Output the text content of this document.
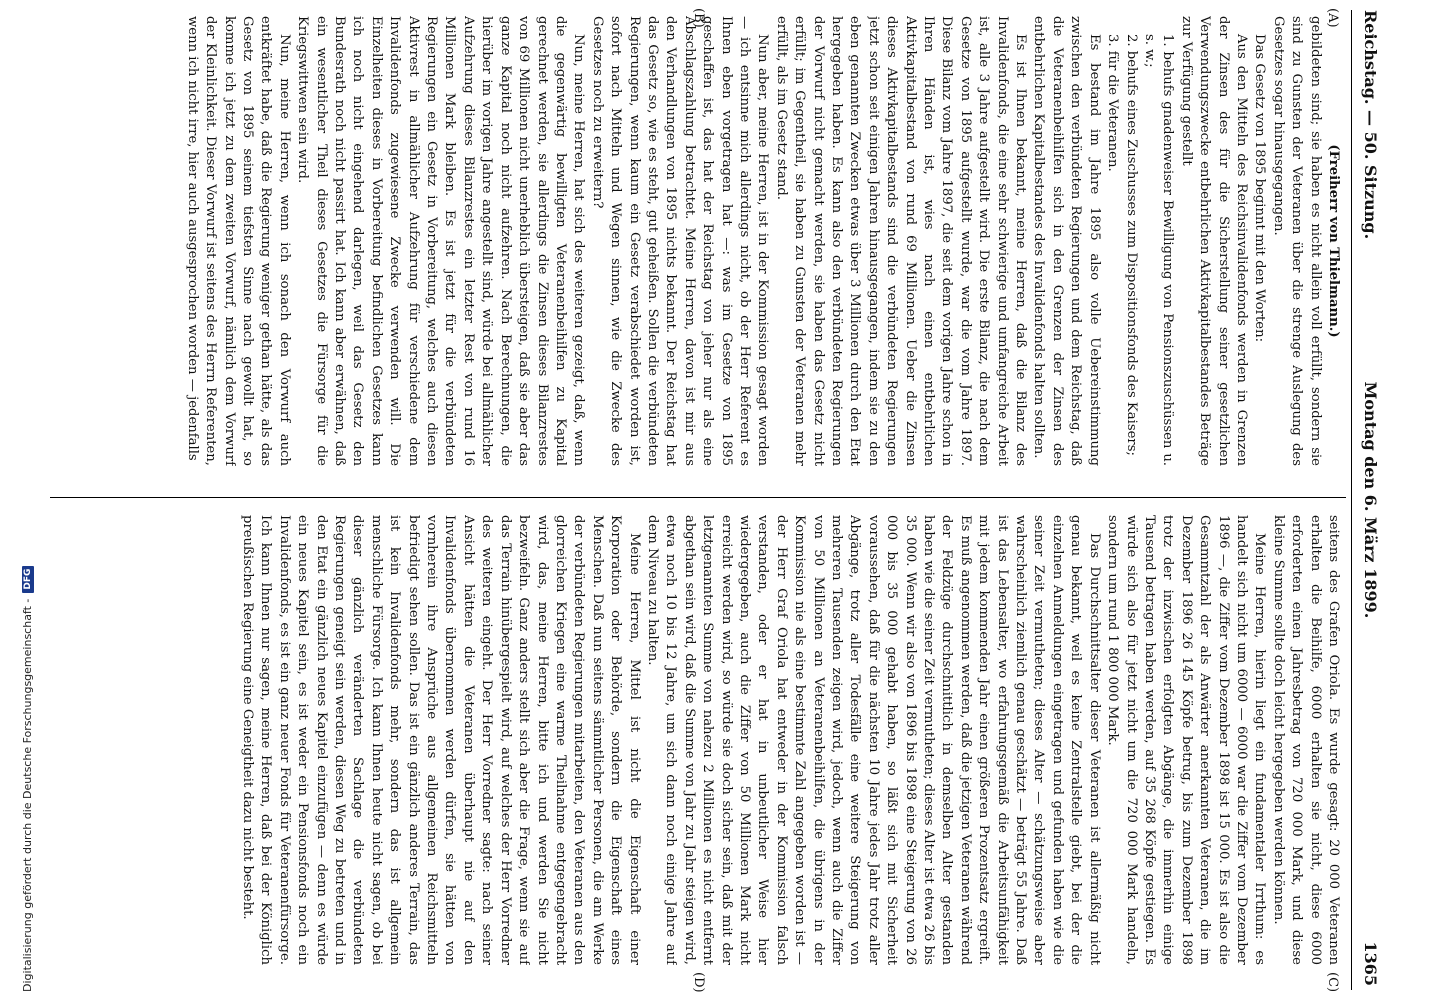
Digitalisierung gefördert durch die Deutsche Forschungsgemeinschaft -
DFG
Reichstag. — 50. Sitzung.
Montag den 6. März 1899.
1365
(A)
(B)
(C)
(D)

(Freiherr von Thielmann.)

gebildeten sind; sie haben es nicht allein voll erfüllt, sondern sie sind zu Gunsten der Veteranen über die strenge Auslegung des Gesetzes sogar hinausgegangen.

Das Gesetz von 1895 beginnt mit den Worten:

Aus den Mitteln des Reichsinvalidenfonds werden in Grenzen der Zinsen des für die Sicherstellung seiner gesetzlichen Verwendungszwecke entbehrlichen Aktivkapitalbestandes Beträge zur Verfügung gestellt

1. behufs gnadenweiser Bewilligung von Pensionszuschüssen u. s. w.;

2. behufs eines Zuschusses zum Dispositionsfonds des Kaisers;

3. für die Veteranen.

Es bestand im Jahre 1895 also volle Uebereinstimmung zwischen den verbündeten Regierungen und dem Reichstag, daß die Veteranenbeihilfen sich in den Grenzen der Zinsen des entbehrlichen Kapitalbestandes des Invalidenfonds halten sollten.

Es ist Ihnen bekannt, meine Herren, daß die Bilanz des Invalidenfonds, die eine sehr schwierige und umfangreiche Arbeit ist, alle 3 Jahre aufgestellt wird. Die erste Bilanz, die nach dem Gesetze von 1895 aufgestellt wurde, war die vom Jahre 1897. Diese Bilanz vom Jahre 1897, die seit dem vorigen Jahre schon in Ihren Händen ist, wies nach einen entbehrlichen Aktivkapitalbestand von rund 69 Millionen. Ueber die Zinsen dieses Aktivkapitalbestands sind die verbündeten Regierungen jetzt schon seit einigen Jahren hinausgegangen, indem sie zu den eben genannten Zwecken etwas über 3 Millionen durch den Etat hergegeben haben. Es kann also den verbündeten Regierungen der Vorwurf nicht gemacht werden, sie haben das Gesetz nicht erfüllt; im Gegentheil, sie haben zu Gunsten der Veteranen mehr erfüllt, als im Gesetz stand.

Nun aber, meine Herren, ist in der Kommission gesagt worden — ich entsinne mich allerdings nicht, ob der Herr Referent es Ihnen eben vorgetragen hat —: was im Gesetze von 1895 geschaffen ist, das hat der Reichstag von jeher nur als eine Abschlagszahlung betrachtet. Meine Herren, davon ist mir aus den Verhandlungen von 1895 nichts bekannt. Der Reichstag hat das Gesetz so, wie es steht, gut geheißen. Sollen die verbündeten Regierungen, wenn kaum ein Gesetz verabschiedet worden ist, sofort nach Mitteln und Wegen sinnen, wie die Zwecke des Gesetzes noch zu erweitern?

Nun, meine Herren, hat sich des weiteren gezeigt, daß, wenn die gegenwärtig bewilligten Veteranenbeihilfen zu Kapital gerechnet werden, sie allerdings die Zinsen dieses Bilanzrestes von 69 Millionen nicht unerheblich übersteigen, daß sie aber das ganze Kapital noch nicht aufzehren. Nach Berechnungen, die hierüber im vorigen Jahre angestellt sind, würde bei allmählicher Aufzehrung dieses Bilanzrestes ein letzter Rest von rund 16 Millionen Mark bleiben. Es ist jetzt für die verbündeten Regierungen ein Gesetz in Vorbereitung, welches auch diesen Aktivrest in allmählicher Aufzehrung für verschiedene dem Invalidenfonds zugewiesene Zwecke verwenden will. Die Einzelheiten dieses in Vorbereitung befindlichen Gesetzes kann ich noch nicht eingehend darlegen, weil das Gesetz den Bundesrath noch nicht passirt hat. Ich kann aber erwähnen, daß ein wesentlicher Theil dieses Gesetzes die Fürsorge für die Kriegswittwen sein wird.

Nun, meine Herren, wenn ich sonach den Vorwurf auch entkräftet habe, daß die Regierung weniger gethan hätte, als das Gesetz von 1895 seinem tiefsten Sinne nach gewollt hat, so komme ich jetzt zu dem zweiten Vorwurf, nämlich dem Vorwurf der Kleinlichkeit. Dieser Vorwurf ist seitens des Herrn Referenten, wenn ich nicht irre, hier auch ausgesprochen worden — jedenfalls

seitens des Grafen Oriola. Es wurde gesagt: 20 000 Veteranen erhalten die Beihilfe, 6000 erhalten sie nicht, diese 6000 erforderten einen Jahresbetrag von 720 000 Mark, und diese kleine Summe sollte doch leicht hergegeben werden können.

Meine Herren, hierin liegt ein fundamentaler Irrthum: es handelt sich nicht um 6000 — 6000 war die Ziffer vom Dezember 1896 —, die Ziffer vom Dezember 1898 ist 15 000. Es ist also die Gesammtzahl der als Anwärter anerkannten Veteranen, die im Dezember 1896 26 145 Köpfe betrug, bis zum Dezember 1898 trotz der inzwischen erfolgten Abgänge, die immerhin einige Tausend betragen haben werden, auf 35 268 Köpfe gestiegen. Es würde sich also für jetzt nicht um die 720 000 Mark handeln, sondern um rund 1 800 000 Mark.

Das Durchschnittsalter dieser Veteranen ist allermäßig nicht genau bekannt, weil es keine Zentralstelle giebt, bei der die einzelnen Anmeldungen eingetragen und gefunden haben wie die seiner Zeit vermutheten; dieses Alter — schätzungsweise aber wahrscheinlich ziemlich genau geschätzt — beträgt 55 Jahre. Daß ist das Lebensalter, wo erfahrungsgemäß die Arbeitsunfähigkeit mit jedem kommenden Jahr einen größeren Prozentsatz ergreift. Es muß angenommen werden, daß die jetzigen Veteranen während der Feldzüge durchschnittlich in demselben Alter gestanden haben wie die seiner Zeit vermutheten; dieses Alter ist etwa 26 bis 35 000. Wenn wir also von 1896 bis 1898 eine Steigerung von 26 000 bis 35 000 gehabt haben, so läßt sich mit Sicherheit voraussehen, daß für die nächsten 10 Jahre jedes Jahr trotz aller Abgänge, trotz aller Todesfälle eine weitere Steigerung von mehreren Tausenden zeigen wird, jedoch, wenn auch die Ziffer von 50 Millionen an Veteranenbeihilfen, die übrigens in der Kommission nie als eine bestimmte Zahl angegeben worden ist — der Herr Graf Oriola hat entweder in der Kommission falsch verstanden, oder er hat in unbeutlicher Weise hier wiedergegeben, auch die Ziffer von 50 Millionen Mark nicht erreicht werden wird, so würde sie doch sicher sein, daß mit der letztgenannten Summe von nahezu 2 Millionen es nicht entfernt abgethan sein wird, daß die Summe von Jahr zu Jahr steigen wird, etwa noch 10 bis 12 Jahre, um sich dann noch einige Jahre auf dem Niveau zu halten.

Meine Herren, Mittel ist nicht die Eigenschaft einer Korporation oder Behörde, sondern die Eigenschaft eines Menschen. Daß nun seitens sämmtlicher Personen, die am Werke der verbündeten Regierungen mitarbeiten, den Veteranen aus den glorreichen Kriegen eine warme Theilnahme entgegengebracht wird, das, meine Herren, bitte ich und werden Sie nicht bezweifeln. Ganz anders stellt sich aber die Frage, wenn sie auf das Terrain hinübergespielt wird, auf welches der Herr Vorredner des weiteren eingeht. Der Herr Vorredner sagte: nach seiner Ansicht hätten die Veteranen überhaupt nie auf den Invalidenfonds übernommen werden dürfen, sie hätten von vornherein ihre Ansprüche aus allgemeinen Reichsmitteln befriedigt sehen sollen. Das ist ein gänzlich anderes Terrain, das ist kein Invalidenfonds mehr, sondern das ist allgemein menschliche Fürsorge. Ich kann Ihnen heute nicht sagen, ob bei dieser gänzlich veränderten Sachlage die verbündeten Regierungen geneigt sein werden, diesen Weg zu betreten und in den Etat ein gänzlich neues Kapitel einzufügen — denn es würde ein neues Kapitel sein, es ist weder ein Pensionsfonds noch ein Invalidenfonds, es ist ein ganz neuer Fonds für Veteranenfürsorge. Ich kann Ihnen nur sagen, meine Herren, daß bei der Königlich preußischen Regierung eine Geneigtheit dazu nicht besteht.
